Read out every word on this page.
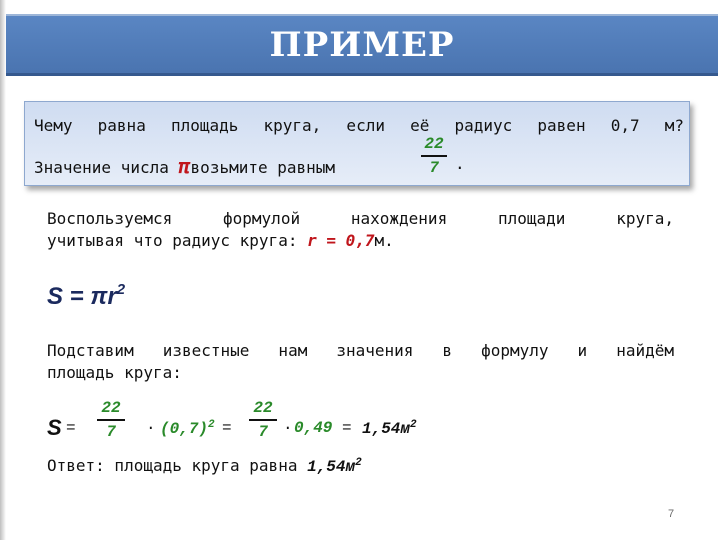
ПРИМЕР
Чему равна площадь круга, если её радиус равен 0,7 м?
Значение числа πвозьмите равным
22
7	.
Воспользуемся формулой нахождения площади круга,
учитывая что радиус круга: r = 0,7м.
$S = \pi r^2$
Подставим известные нам значения в формулу и найдём
площадь круга:
S =
22
7	· $(0,7)^2$ =
22
$7 \cdot 0,49 = 1,54м^2$
Ответ: площадь круга равна $1,54м^2$
7
